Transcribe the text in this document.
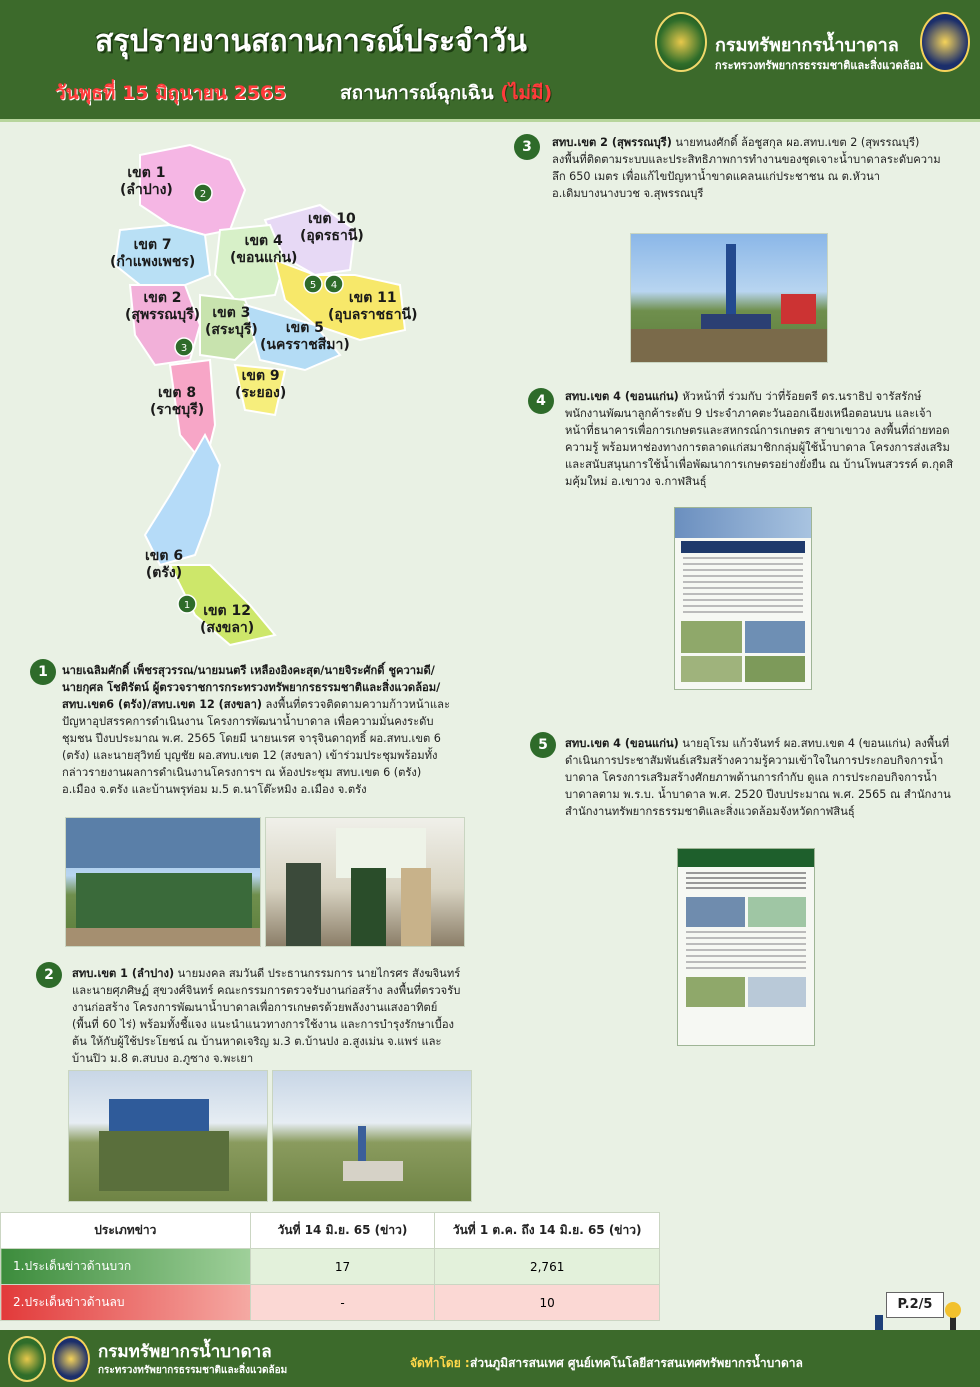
สรุปรายงานสถานการณ์ประจำวัน
วันพุธที่ 15 มิถุนายน 2565	สถานการณ์ฉุกเฉิน (ไม่มี)
กรมทรัพยากรน้ำบาดาล
กระทรวงทรัพยากรธรรมชาติและสิ่งแวดล้อม
2
5 4
3
1
เขต 1
(ลำปาง)
เขต 10
(อุดรธานี)
เขต 7
(กำแพงเพชร)
เขต 4
(ขอนแก่น)
เขต 2
(สุพรรณบุรี)
เขต 11
(อุบลราชธานี)
เขต 3
(สระบุรี)	เขต 5
(นครราชสีมา)
เขต 8
(ราชบุรี)
เขต 9
(ระยอง)
เขต 6
(ตรัง)
เขต 12
(สงขลา)
3	สทบ.เขต 2 (สุพรรณบุรี) นายทนงศักดิ์ ล้อชูสกุล ผอ.สทบ.เขต 2 (สุพรรณบุรี) ลงพื้นที่ติดตามระบบและประสิทธิภาพการทำงานของชุดเจาะน้ำบาดาลระดับความลึก 650 เมตร เพื่อแก้ไขปัญหาน้ำขาดแคลนแก่ประชาชน ณ ต.หัวนา อ.เดิมบางนางบวช จ.สุพรรณบุรี
4	สทบ.เขต 4 (ขอนแก่น) หัวหน้าที่ ร่วมกับ ว่าที่ร้อยตรี ดร.นราธิป จารัสรักษ์ พนักงานพัฒนาลูกค้าระดับ 9 ประจำภาคตะวันออกเฉียงเหนือตอนบน และเจ้าหน้าที่ธนาคารเพื่อการเกษตรและสหกรณ์การเกษตร สาขาเขาวง ลงพื้นที่ถ่ายทอดความรู้ พร้อมหาช่องทางการตลาดแก่สมาชิกกลุ่มผู้ใช้น้ำบาดาล โครงการส่งเสริมและสนับสนุนการใช้น้ำเพื่อพัฒนาการเกษตรอย่างยั่งยืน ณ บ้านโพนสวรรค์ ต.กุดสิมคุ้มใหม่ อ.เขาวง จ.กาฬสินธุ์
5	สทบ.เขต 4 (ขอนแก่น) นายอุโรม แก้วจันทร์ ผอ.สทบ.เขต 4 (ขอนแก่น) ลงพื้นที่ดำเนินการประชาสัมพันธ์เสริมสร้างความรู้ความเข้าใจในการประกอบกิจการน้ำบาดาล โครงการเสริมสร้างศักยภาพด้านการกำกับ ดูแล การประกอบกิจการน้ำบาดาลตาม พ.ร.บ. น้ำบาดาล พ.ศ. 2520 ปีงบประมาณ พ.ศ. 2565 ณ สำนักงานสำนักงานทรัพยากรธรรมชาติและสิ่งแวดล้อมจังหวัดกาฬสินธุ์
1	นายเฉลิมศักดิ์ เพ็ชรสุวรรณ/นายมนตรี เหลืองอิงคะสุต/นายจิระศักดิ์ ชูความดี/นายกุศล โชติรัตน์ ผู้ตรวจราชการกระทรวงทรัพยากรธรรมชาติและสิ่งแวดล้อม/สทบ.เขต6 (ตรัง)/สทบ.เขต 12 (สงขลา) ลงพื้นที่ตรวจติดตามความก้าวหน้าและปัญหาอุปสรรคการดำเนินงาน โครงการพัฒนาน้ำบาดาล เพื่อความมั่นคงระดับชุมชน ปีงบประมาณ พ.ศ. 2565 โดยมี นายนเรศ จารุจินดาฤทธิ์ ผอ.สทบ.เขต 6 (ตรัง) และนายสุวิทย์ บุญชัย ผอ.สทบ.เขต 12 (สงขลา) เข้าร่วมประชุมพร้อมทั้งกล่าวรายงานผลการดำเนินงานโครงการฯ ณ ห้องประชุม สทบ.เขต 6 (ตรัง) อ.เมือง จ.ตรัง และบ้านพรุท่อม ม.5 ต.นาโต๊ะหมิง อ.เมือง จ.ตรัง
2	สทบ.เขต 1 (ลำปาง) นายมงคล สมวันดี ประธานกรรมการ นายไกรศร สังฆจินทร์ และนายศุภศิษฏ์ สุขวงศ์จินทร์ คณะกรรมการตรวจรับงานก่อสร้าง ลงพื้นที่ตรวจรับงานก่อสร้าง โครงการพัฒนาน้ำบาดาลเพื่อการเกษตรด้วยพลังงานแสงอาทิตย์ (พื้นที่ 60 ไร่) พร้อมทั้งชี้แจง แนะนำแนวทางการใช้งาน และการบำรุงรักษาเบื้องต้น ให้กับผู้ใช้ประโยชน์ ณ บ้านหาดเจริญ ม.3 ต.บ้านปง อ.สูงเม่น จ.แพร่ และบ้านปิว ม.8 ต.สบบง อ.ภูซาง จ.พะเยา
ประเภทข่าว	วันที่ 14 มิ.ย. 65 (ข่าว)	วันที่ 1 ต.ค. ถึง 14 มิ.ย. 65 (ข่าว)
1.ประเด็นข่าวด้านบวก	17	2,761
2.ประเด็นข่าวด้านลบ	-	10	P.2/5
กรมทรัพยากรน้ำบาดาล
กระทรวงทรัพยากรธรรมชาติและสิ่งแวดล้อม
จัดทำโดย : ส่วนภูมิสารสนเทศ ศูนย์เทคโนโลยีสารสนเทศทรัพยากรน้ำบาดาล
